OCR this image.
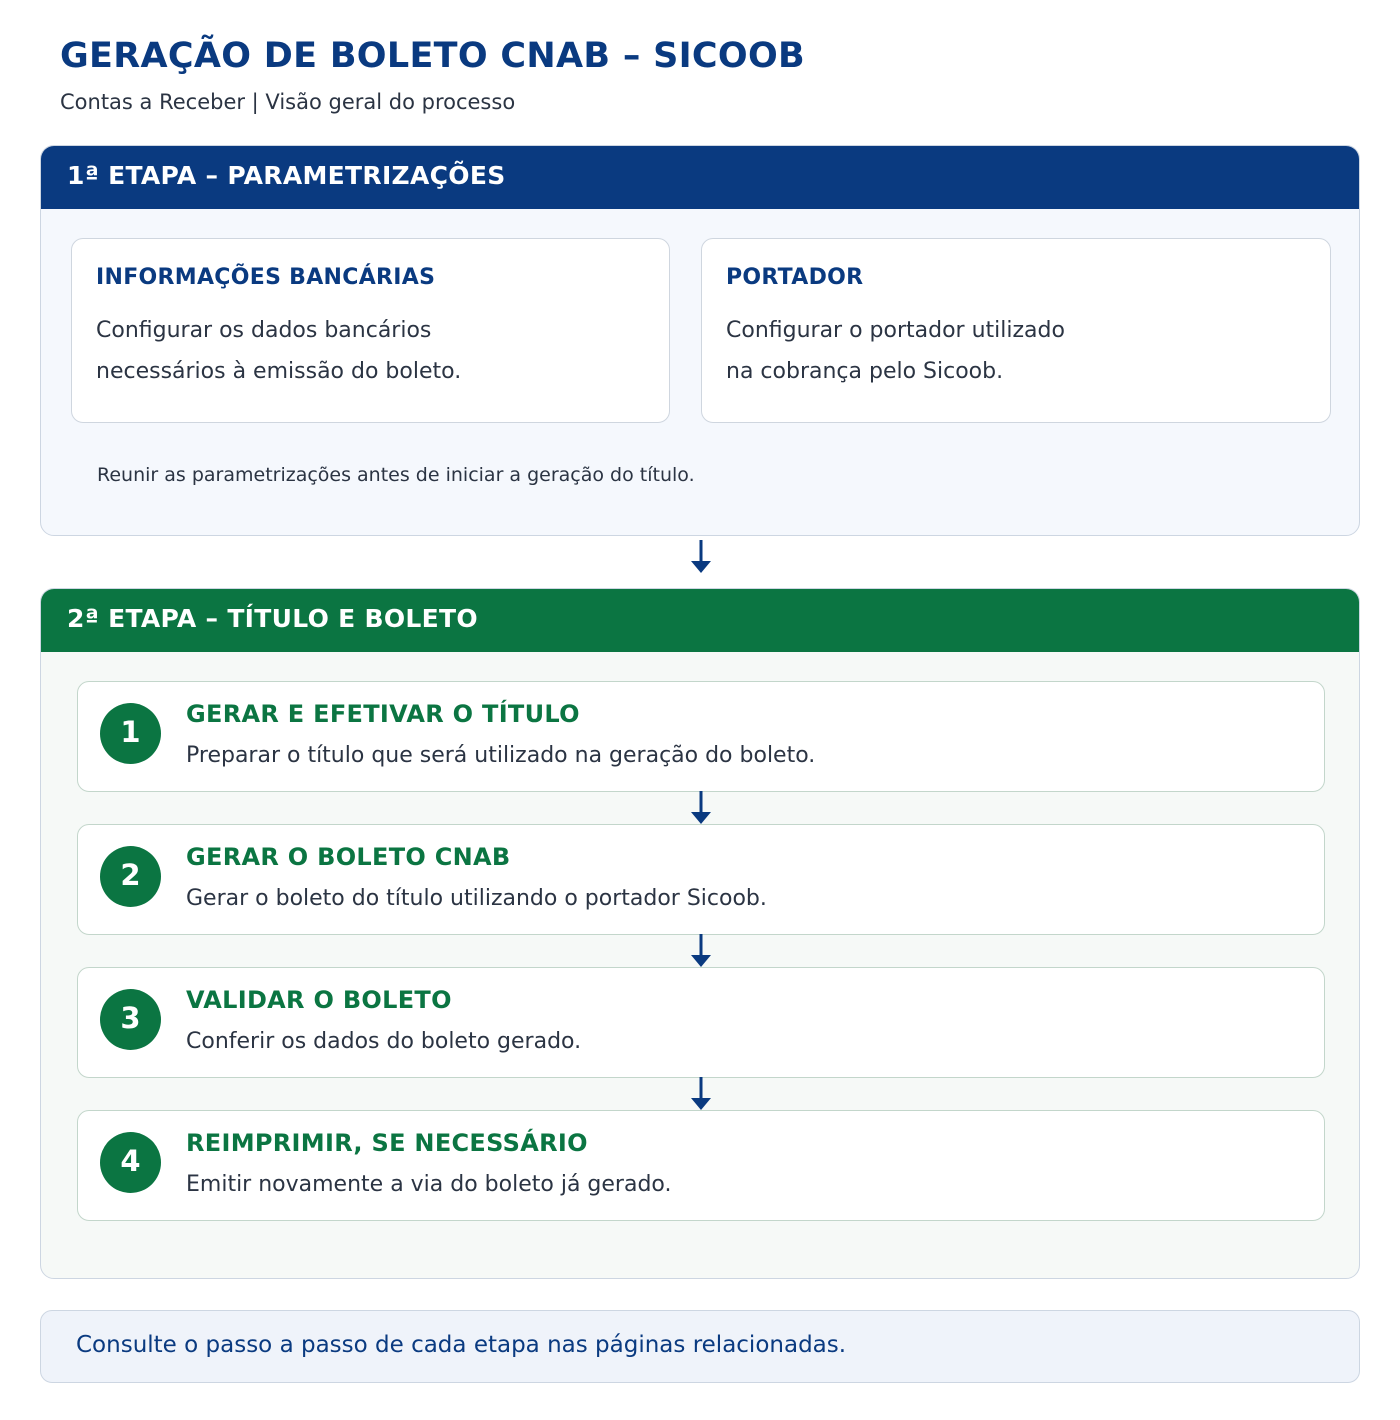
GERAÇÃO DE BOLETO CNAB – SICOOB
Contas a Receber | Visão geral do processo
1ª ETAPA – PARAMETRIZAÇÕES
INFORMAÇÕES BANCÁRIAS
Configurar os dados bancários
necessários à emissão do boleto.
PORTADOR
Configurar o portador utilizado
na cobrança pelo Sicoob.
Reunir as parametrizações antes de iniciar a geração do título.
2ª ETAPA – TÍTULO E BOLETO
1
GERAR E EFETIVAR O TÍTULO
Preparar o título que será utilizado na geração do boleto.
2
GERAR O BOLETO CNAB
Gerar o boleto do título utilizando o portador Sicoob.
3
VALIDAR O BOLETO
Conferir os dados do boleto gerado.
4
REIMPRIMIR, SE NECESSÁRIO
Emitir novamente a via do boleto já gerado.
Consulte o passo a passo de cada etapa nas páginas relacionadas.
